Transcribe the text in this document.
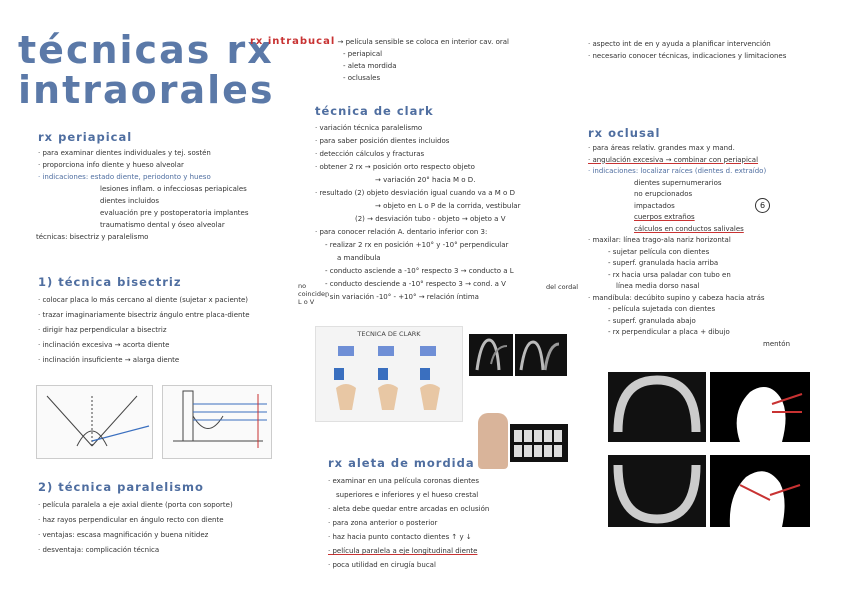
técnicas rx
intraorales
rx intrabucal → película sensible se coloca en interior cav. oral
- periapical
- aleta mordida
- oclusales
· aspecto int de en y ayuda a planificar intervención
· necesario conocer técnicas, indicaciones y limitaciones
rx periapical
· para examinar dientes individuales y tej. sostén
· proporciona info diente y hueso alveolar
· indicaciones: estado diente, periodonto y hueso
lesiones inflam. o infecciosas periapicales
dientes incluidos
evaluación pre y postoperatoria implantes
traumatismo dental y óseo alveolar
técnicas: bisectriz y paralelismo
1) técnica bisectriz
· colocar placa lo más cercano al diente (sujetar x paciente)
· trazar imaginariamente bisectriz ángulo entre placa-diente
· dirigir haz perpendicular a bisectriz
· inclinación excesiva → acorta diente
· inclinación insuficiente → alarga diente
2) técnica paralelismo
· película paralela a eje axial diente (porta con soporte)
· haz rayos perpendicular en ángulo recto con diente
· ventajas: escasa magnificación y buena nitidez
· desventaja: complicación técnica
técnica de clark
· variación técnica paralelismo
· para saber posición dientes incluidos
· detección cálculos y fracturas
· obtener 2 rx → posición orto respecto objeto
→ variación 20° hacia M o D.
· resultado (2) objeto desviación igual cuando va a M o D
→ objeto en L o P de la corrida, vestibular
(2) → desviación tubo - objeto → objeto a V
· para conocer relación A. dentario inferior con 3:
- realizar 2 rx en posición +10° y -10° perpendicular
a mandíbula
- conducto asciende a -10° respecto 3 → conducto a L
- conducto desciende a -10° respecto 3 → cond. a V
- sin variación -10° - +10° → relación íntima
no coinciden L o V
del cordal
TECNICA DE CLARK
rx aleta de mordida
· examinar en una película coronas dientes
superiores e inferiores y el hueso crestal
· aleta debe quedar entre arcadas en oclusión
· para zona anterior o posterior
· haz hacia punto contacto dientes ↑ y ↓
· película paralela a eje longitudinal diente
· poca utilidad en cirugía bucal
rx oclusal
· para áreas relativ. grandes max y mand.
· angulación excesiva → combinar con periapical
· indicaciones: localizar raíces (dientes d. extraído)
dientes supernumerarios
no erupcionados
impactados
cuerpos extraños
cálculos en conductos salivales
· maxilar: línea trago-ala nariz horizontal
- sujetar película con dientes
- superf. granulada hacia arriba
- rx hacia ursa paladar con tubo en
línea media dorso nasal
· mandíbula: decúbito supino y cabeza hacia atrás
- película sujetada con dientes
- superf. granulada abajo
- rx perpendicular a placa + dibujo
mentón
6
